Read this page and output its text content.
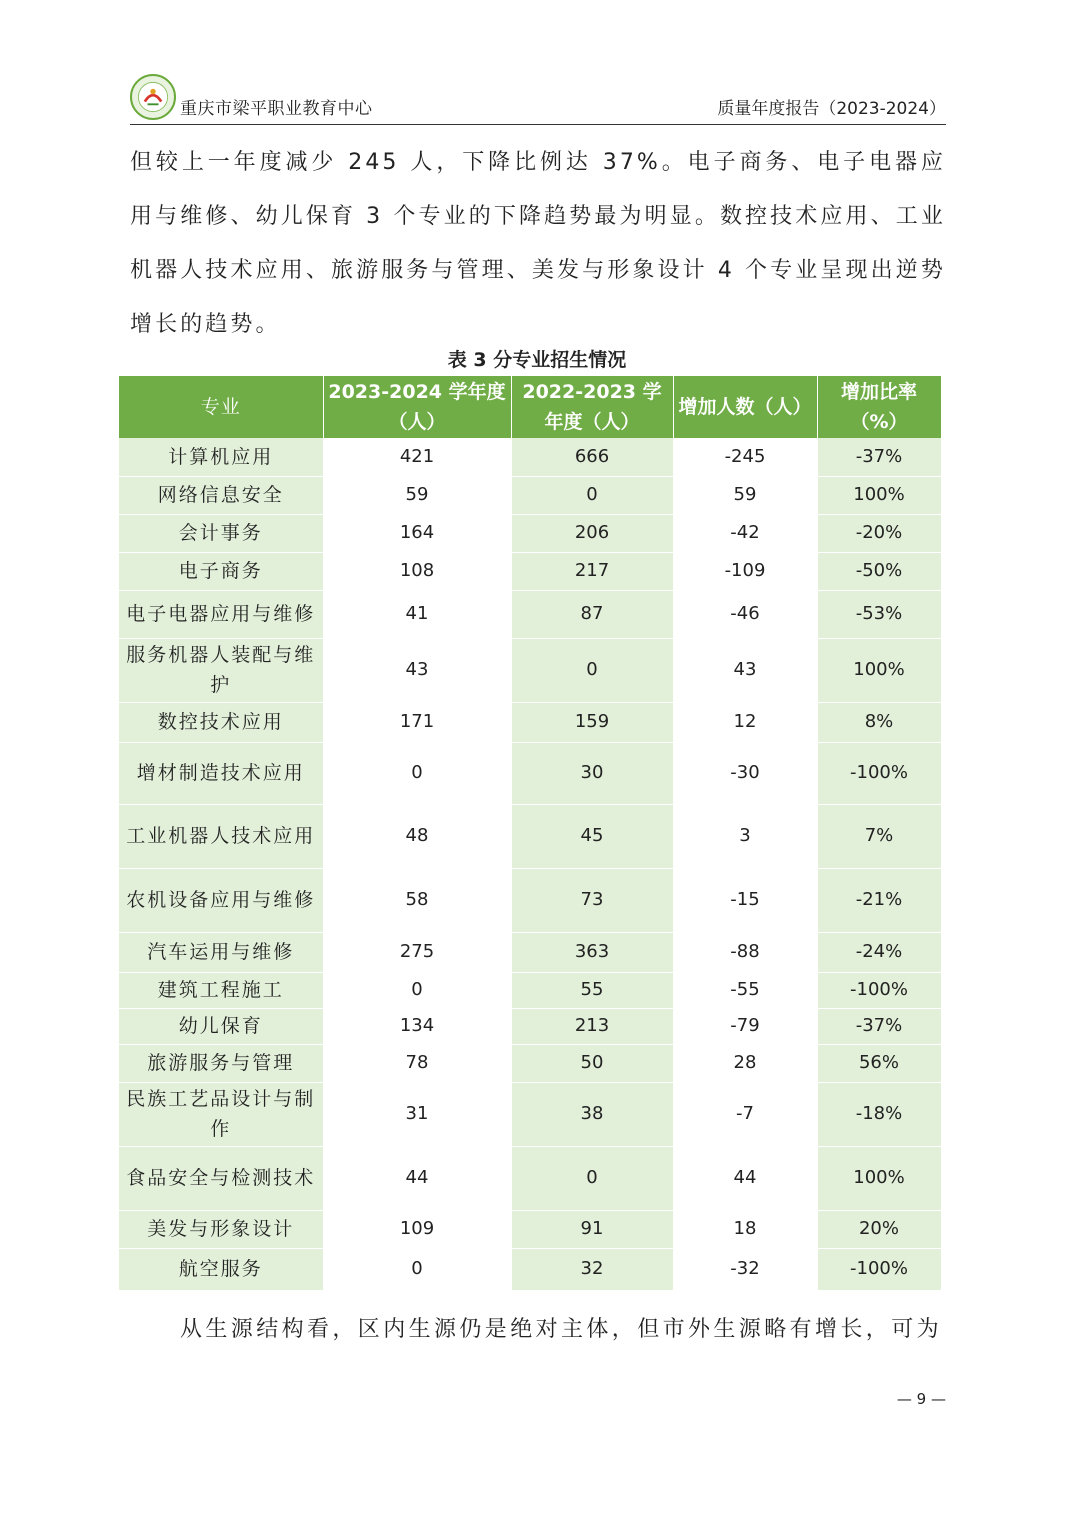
重庆市梁平职业教育中心	质量年度报告（2023-2024）
但较上一年度减少 245 人，下降比例达 37%。电子商务、电子电器应用与维修、幼儿保育 3 个专业的下降趋势最为明显。数控技术应用、工业机器人技术应用、旅游服务与管理、美发与形象设计 4 个专业呈现出逆势增长的趋势。
表 3 分专业招生情况
专业	2023-2024 学年度（人）	2022-2023 学年度（人）	增加人数（人）	增加比率（%）
计算机应用	421	666	-245	-37%
网络信息安全	59	0	59	100%
会计事务	164	206	-42	-20%
电子商务	108	217	-109	-50%
电子电器应用与维修	41	87	-46	-53%
服务机器人装配与维护	43	0	43	100%
数控技术应用	171	159	12	8%
增材制造技术应用	0	30	-30	-100%
工业机器人技术应用	48	45	3	7%
农机设备应用与维修	58	73	-15	-21%
汽车运用与维修	275	363	-88	-24%
建筑工程施工	0	55	-55	-100%
幼儿保育	134	213	-79	-37%
旅游服务与管理	78	50	28	56%
民族工艺品设计与制作	31	38	-7	-18%
食品安全与检测技术	44	0	44	100%
美发与形象设计	109	91	18	20%
航空服务	0	32	-32	-100%
从生源结构看，区内生源仍是绝对主体，但市外生源略有增长，可为
— 9 —
